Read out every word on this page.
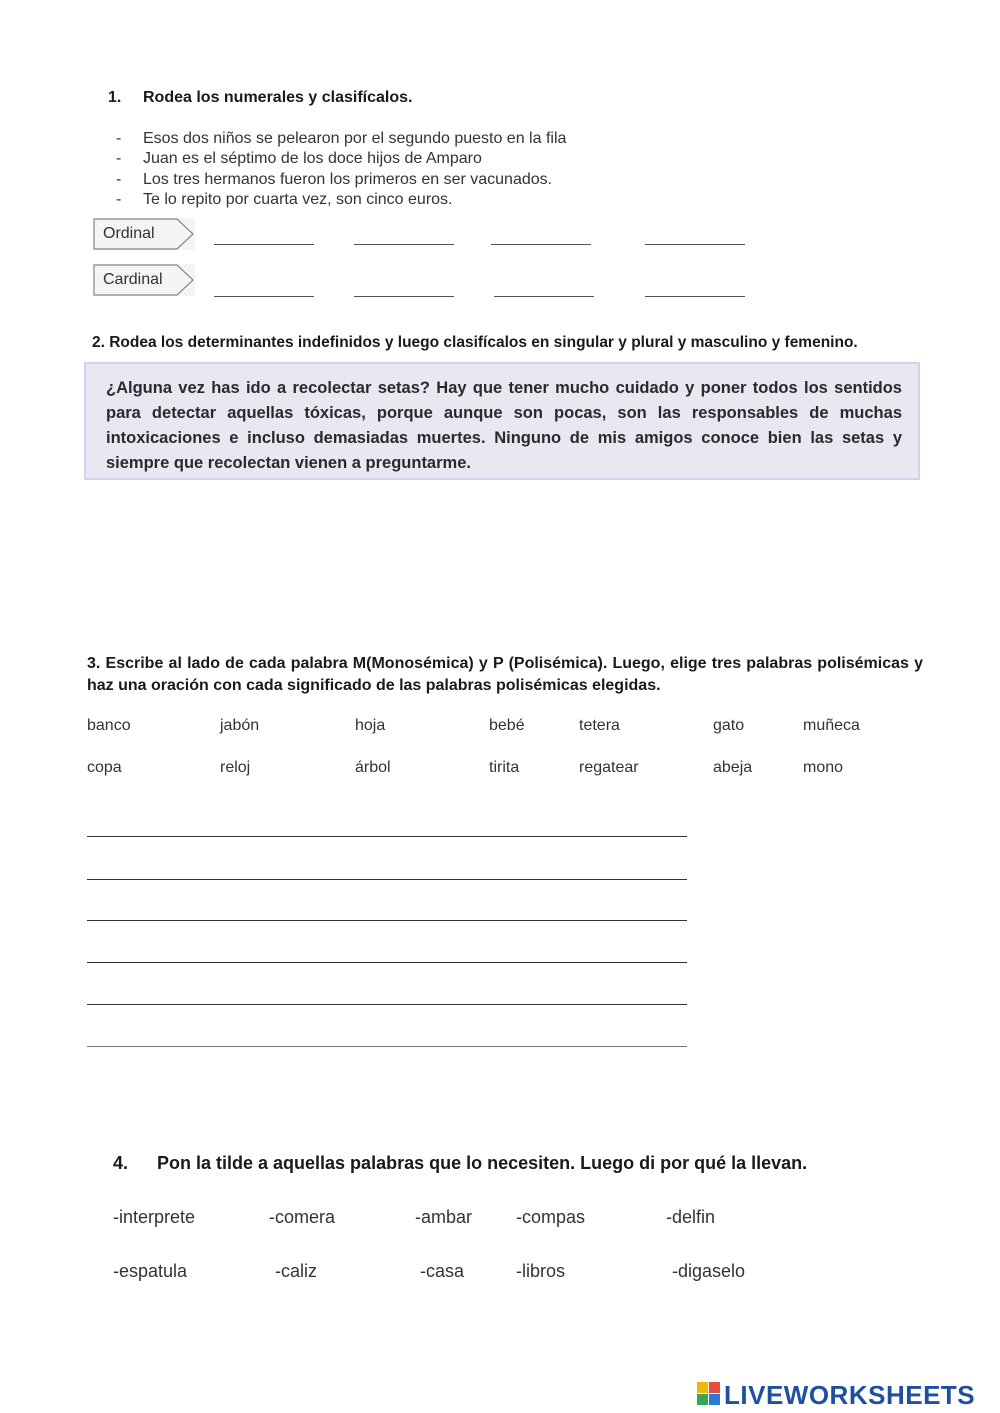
1. Rodea los numerales y clasifícalos.
- Esos dos niños se pelearon por el segundo puesto en la fila
- Juan es el séptimo de los doce hijos de Amparo
- Los tres hermanos fueron los primeros en ser vacunados.
- Te lo repito por cuarta vez, son cinco euros.
Ordinal
Cardinal
2. Rodea los determinantes indefinidos y luego clasifícalos en singular y plural y masculino y femenino.
¿Alguna vez has ido a recolectar setas? Hay que tener mucho cuidado y poner todos los sentidos para detectar aquellas tóxicas, porque aunque son pocas, son las responsables de muchas intoxicaciones e incluso demasiadas muertes. Ninguno de mis amigos conoce bien las setas y siempre que recolectan vienen a preguntarme.
3. Escribe al lado de cada palabra M(Monosémica) y P (Polisémica). Luego, elige tres palabras polisémicas y haz una oración con cada significado de las palabras polisémicas elegidas.
banco	jabón	hoja	bebé	tetera	gato	muñeca
copa	reloj	árbol	tirita	regatear	abeja	mono
4. Pon la tilde a aquellas palabras que lo necesiten. Luego di por qué la llevan.
-interprete	-comera	-ambar -compas	-delfin
-espatula	-caliz	-casa	-libros	-digaselo
LIVEWORKSHEETS
